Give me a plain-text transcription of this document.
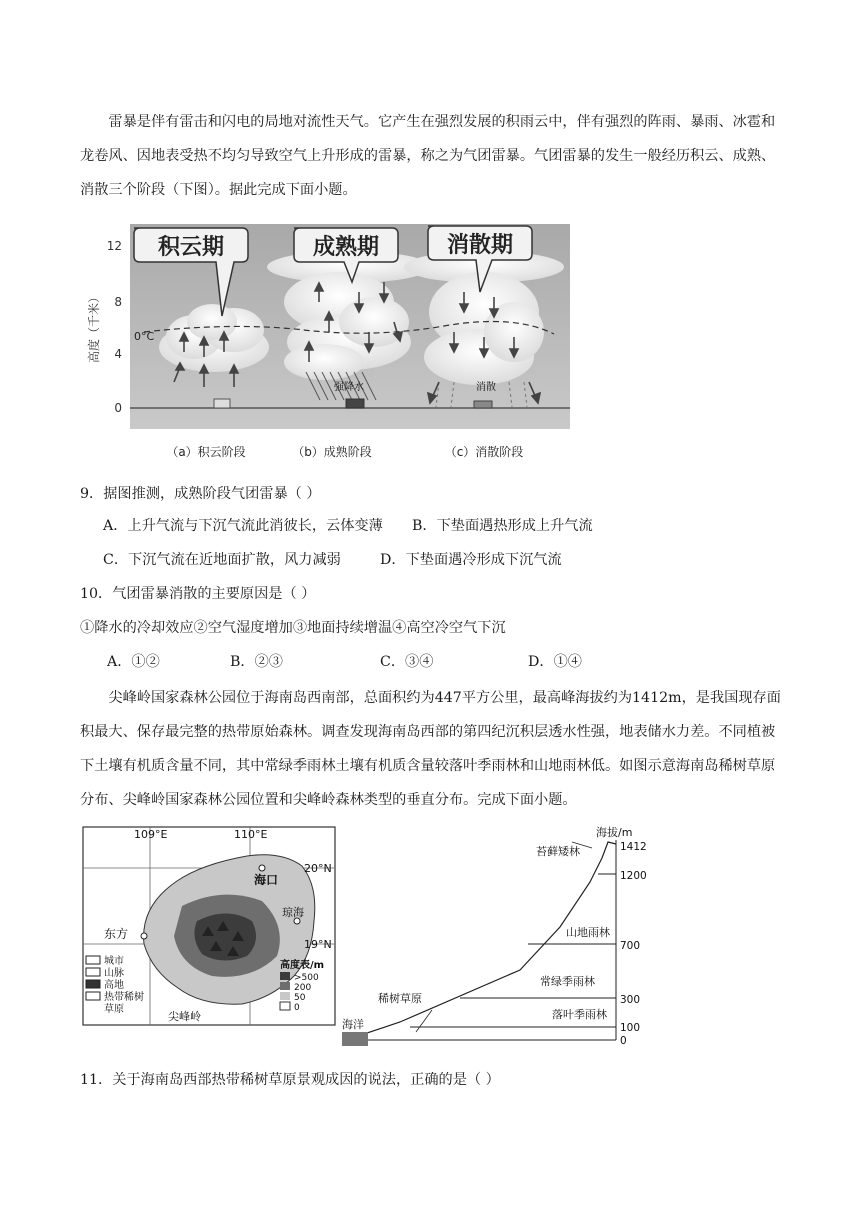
雷暴是伴有雷击和闪电的局地对流性天气。它产生在强烈发展的积雨云中，伴有强烈的阵雨、暴雨、冰雹和龙卷风、因地表受热不均匀导致空气上升形成的雷暴，称之为气团雷暴。气团雷暴的发生一般经历积云、成熟、消散三个阶段（下图）。据此完成下面小题。
12
8
4
0
高度（千米）	0°C
强降水	消散
积云期	成熟期	消散期
（a）积云阶段	（b）成熟阶段	（c）消散阶段
9．据图推测，成熟阶段气团雷暴（ ）
A．上升气流与下沉气流此消彼长，云体变薄 B．下垫面遇热形成上升气流
C．下沉气流在近地面扩散，风力减弱	D．下垫面遇冷形成下沉气流
10．气团雷暴消散的主要原因是（ ）
①降水的冷却效应②空气湿度增加③地面持续增温④高空冷空气下沉
A．①②	B．②③	C．③④	D．①④
尖峰岭国家森林公园位于海南岛西南部，总面积约为447平方公里，最高峰海拔约为1412m，是我国现存面积最大、保存最完整的热带原始森林。调查发现海南岛西部的第四纪沉积层透水性强，地表储水力差。不同植被下土壤有机质含量不同，其中常绿季雨林土壤有机质含量较落叶季雨林和山地雨林低。如图示意海南岛稀树草原分布、尖峰岭国家森林公园位置和尖峰岭森林类型的垂直分布。完成下面小题。
109°E	110°E
20°N
19°N
海口
琼海
东方
尖峰岭
城市
山脉
高地
热带稀树
草原
高度表/m
>500
200
50
0
海拔/m
1412
1200
700
300
100
0
苔藓矮林
山地雨林
常绿季雨林
落叶季雨林
稀树草原
海洋
11．关于海南岛西部热带稀树草原景观成因的说法，正确的是（ ）
